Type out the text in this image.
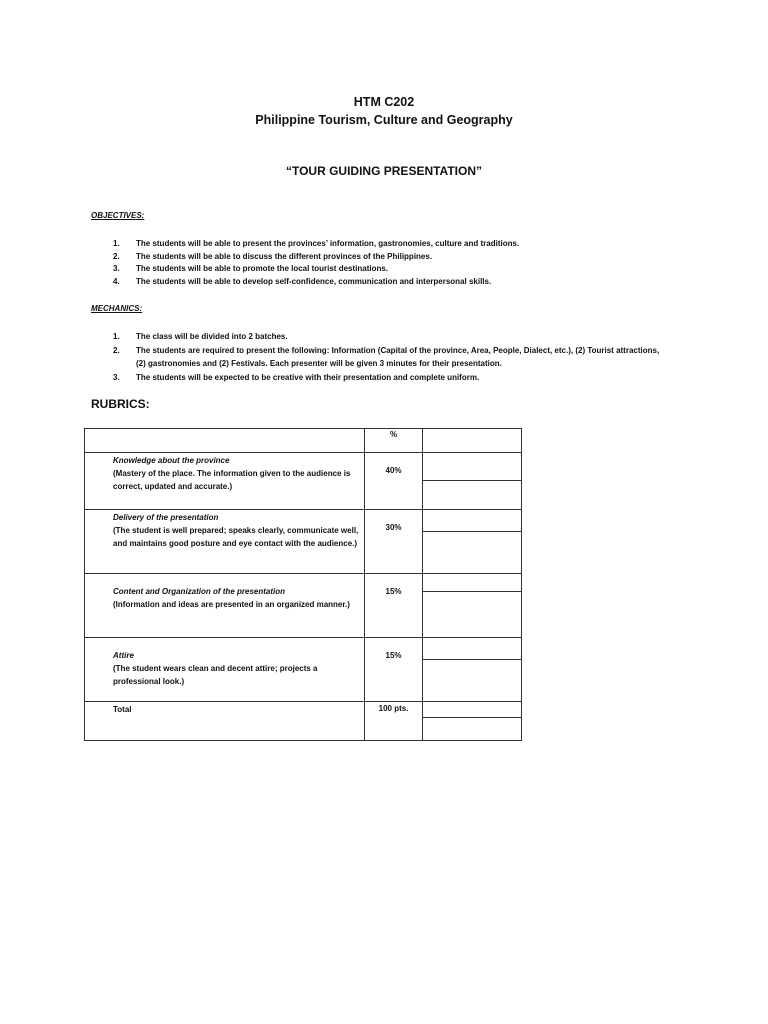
HTM C202
Philippine Tourism, Culture and Geography
“TOUR GUIDING PRESENTATION”
OBJECTIVES:
1. The students will be able to present the provinces’ information, gastronomies, culture and traditions.
2. The students will be able to discuss the different provinces of the Philippines.
3. The students will be able to promote the local tourist destinations.
4. The students will be able to develop self-confidence, communication and interpersonal skills.
MECHANICS:
1. The class will be divided into 2 batches.
2. The students are required to present the following: Information (Capital of the province, Area, People, Dialect, etc.), (2) Tourist attractions, (2) gastronomies and (2) Festivals. Each presenter will be given 3 minutes for their presentation.
3. The students will be expected to be creative with their presentation and complete uniform.
RUBRICS:
	%	

Knowledge about the province
(Mastery of the place. The information given to the audience is correct, updated and accurate.)	40%	

Delivery of the presentation
(The student is well prepared; speaks clearly, communicate well, and maintains good posture and eye contact with the audience.)	30%	

Content and Organization of the presentation
(Information and ideas are presented in an organized manner.)	15%	

Attire
(The student wears clean and decent attire; projects a professional look.)	15%	

Total	100 pts.	
